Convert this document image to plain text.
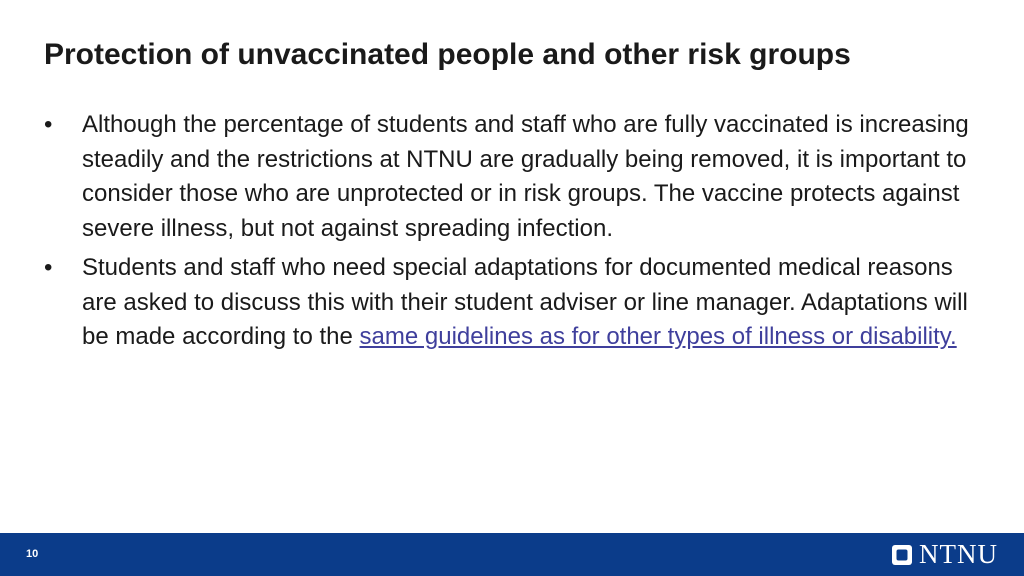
Protection of unvaccinated people and other risk groups
• Although the percentage of students and staff who are fully vaccinated is increasing steadily and the restrictions at NTNU are gradually being removed, it is important to consider those who are unprotected or in risk groups. The vaccine protects against severe illness, but not against spreading infection.
• Students and staff who need special adaptations for documented medical reasons are asked to discuss this with their student adviser or line manager. Adaptations will be made according to the same guidelines as for other types of illness or disability.
10	NTNU
